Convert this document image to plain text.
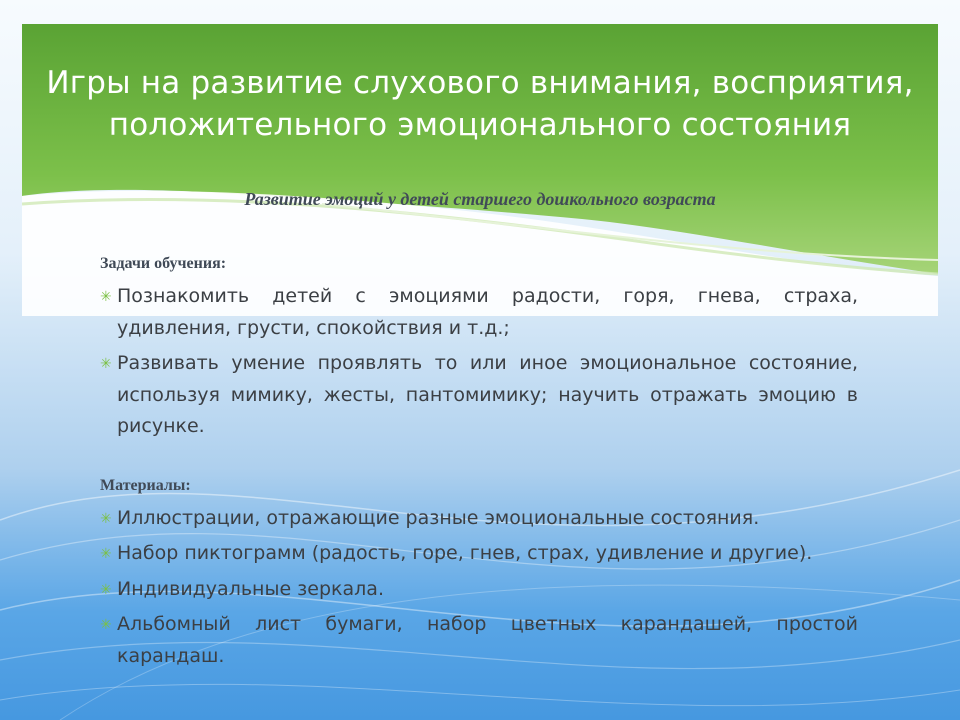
Игры на развитие слухового внимания, восприятия, положительного эмоционального состояния
Развитие эмоций у детей старшего дошкольного возраста
Задачи обучения:
✳ Познакомить детей с эмоциями радости, горя, гнева, страха, удивления, грусти, спокойствия и т.д.;
✳ Развивать умение проявлять то или иное эмоциональное состояние, используя мимику, жесты, пантомимику; научить отражать эмоцию в рисунке.
Материалы:
✳ Иллюстрации, отражающие разные эмоциональные состояния.
✳ Набор пиктограмм (радость, горе, гнев, страх, удивление и другие).
✳ Индивидуальные зеркала.
✳ Альбомный лист бумаги, набор цветных карандашей, простой карандаш.
